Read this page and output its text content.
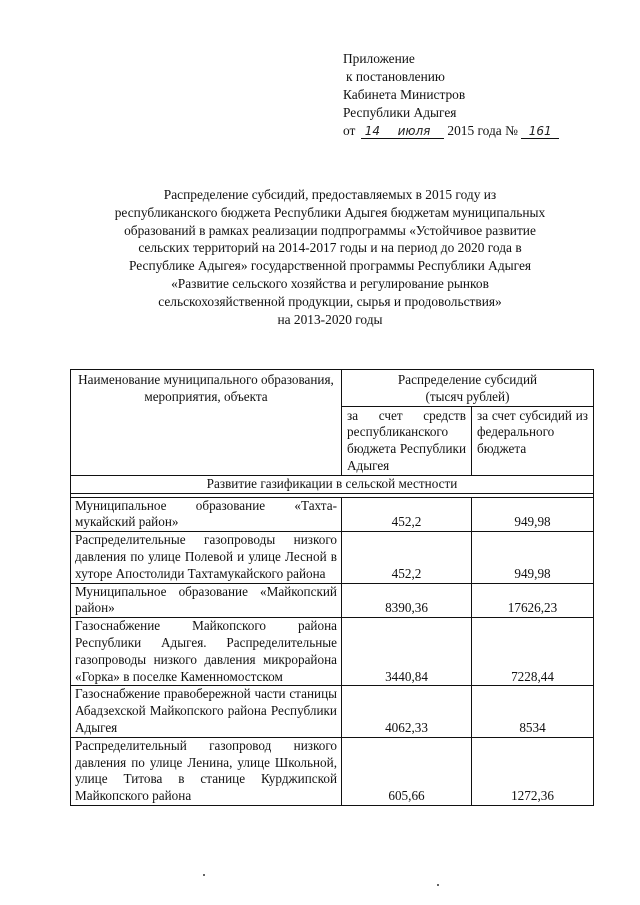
Приложение
к постановлению
Кабинета Министров
Республики Адыгея
от 14 июля 2015 года № 161
Распределение субсидий, предоставляемых в 2015 году из
республиканского бюджета Республики Адыгея бюджетам муниципальных
образований в рамках реализации подпрограммы «Устойчивое развитие
сельских территорий на 2014-2017 годы и на период до 2020 года в
Республике Адыгея» государственной программы Республики Адыгея
«Развитие сельского хозяйства и регулирование рынков
сельскохозяйственной продукции, сырья и продовольствия»
на 2013-2020 годы
Наименование муниципального образования, мероприятия, объекта	Распределение субсидий
(тысяч рублей)	

	за счет средств республиканского бюджета Республики Адыгея	за счет субсидий из федерального бюджета
Развитие газификации в сельской местности		

Муниципальное образование «Тахтамукайский район»	452,2	949,98
Распределительные газопроводы низкого давления по улице Полевой и улице Лесной в хуторе Апостолиди Тахтамукайского района	452,2	949,98
Муниципальное образование «Майкопский район»	8390,36	17626,23
Газоснабжение Майкопского района Республики Адыгея. Распределительные газопроводы низкого давления микрорайона «Горка» в поселке Каменномостском	3440,84	7228,44
Газоснабжение правобережной части станицы Абадзехской Майкопского района Республики Адыгея	4062,33	8534
Распределительный газопровод низкого давления по улице Ленина, улице Школьной, улице Титова в станице Курджипской Майкопского района	605,66	1272,36
